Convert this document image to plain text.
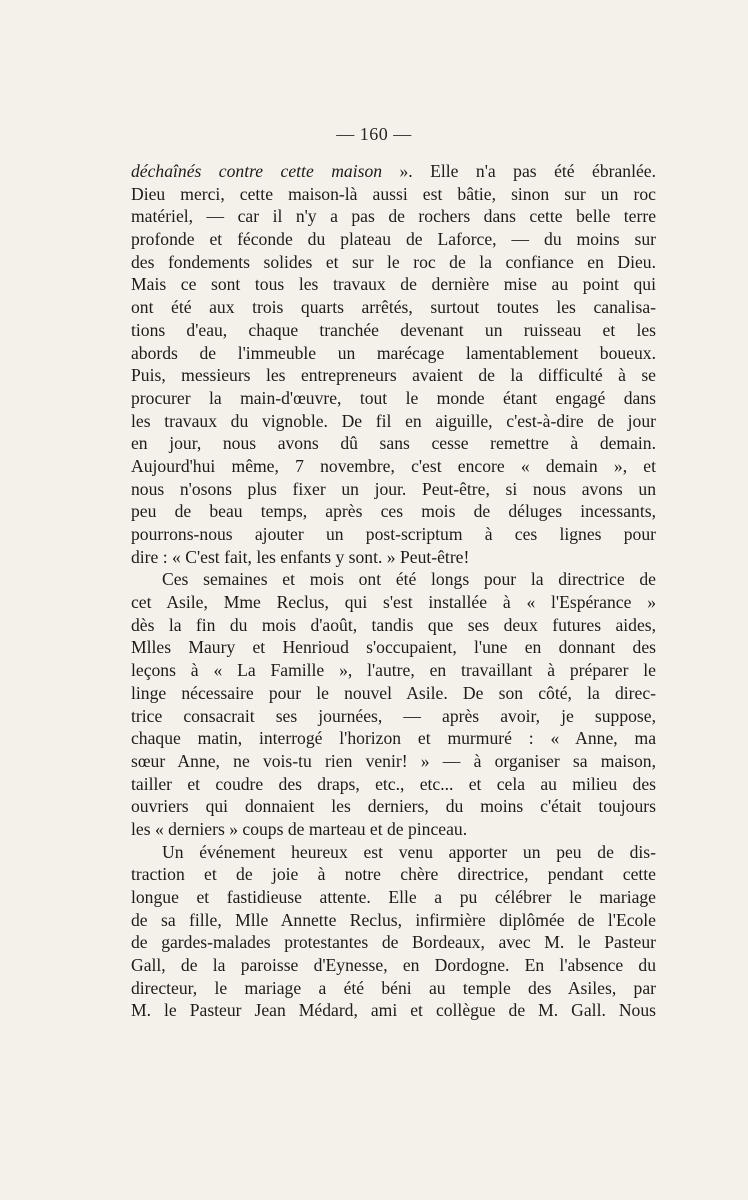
— 160 —
déchaînés contre cette maison ». Elle n'a pas été ébranlée.
Dieu merci, cette maison-là aussi est bâtie, sinon sur un roc
matériel, — car il n'y a pas de rochers dans cette belle terre
profonde et féconde du plateau de Laforce, — du moins sur
des fondements solides et sur le roc de la confiance en Dieu.
Mais ce sont tous les travaux de dernière mise au point qui
ont été aux trois quarts arrêtés, surtout toutes les canalisa-
tions d'eau, chaque tranchée devenant un ruisseau et les
abords de l'immeuble un marécage lamentablement boueux.
Puis, messieurs les entrepreneurs avaient de la difficulté à se
procurer la main-d'œuvre, tout le monde étant engagé dans
les travaux du vignoble. De fil en aiguille, c'est-à-dire de jour
en jour, nous avons dû sans cesse remettre à demain.
Aujourd'hui même, 7 novembre, c'est encore « demain », et
nous n'osons plus fixer un jour. Peut-être, si nous avons un
peu de beau temps, après ces mois de déluges incessants,
pourrons-nous ajouter un post-scriptum à ces lignes pour
dire : « C'est fait, les enfants y sont. » Peut-être!
Ces semaines et mois ont été longs pour la directrice de
cet Asile, Mme Reclus, qui s'est installée à « l'Espérance »
dès la fin du mois d'août, tandis que ses deux futures aides,
Mlles Maury et Henrioud s'occupaient, l'une en donnant des
leçons à « La Famille », l'autre, en travaillant à préparer le
linge nécessaire pour le nouvel Asile. De son côté, la direc-
trice consacrait ses journées, — après avoir, je suppose,
chaque matin, interrogé l'horizon et murmuré : « Anne, ma
sœur Anne, ne vois-tu rien venir! » — à organiser sa maison,
tailler et coudre des draps, etc., etc... et cela au milieu des
ouvriers qui donnaient les derniers, du moins c'était toujours
les « derniers » coups de marteau et de pinceau.
Un événement heureux est venu apporter un peu de dis-
traction et de joie à notre chère directrice, pendant cette
longue et fastidieuse attente. Elle a pu célébrer le mariage
de sa fille, Mlle Annette Reclus, infirmière diplômée de l'Ecole
de gardes-malades protestantes de Bordeaux, avec M. le Pasteur
Gall, de la paroisse d'Eynesse, en Dordogne. En l'absence du
directeur, le mariage a été béni au temple des Asiles, par
M. le Pasteur Jean Médard, ami et collègue de M. Gall. Nous
